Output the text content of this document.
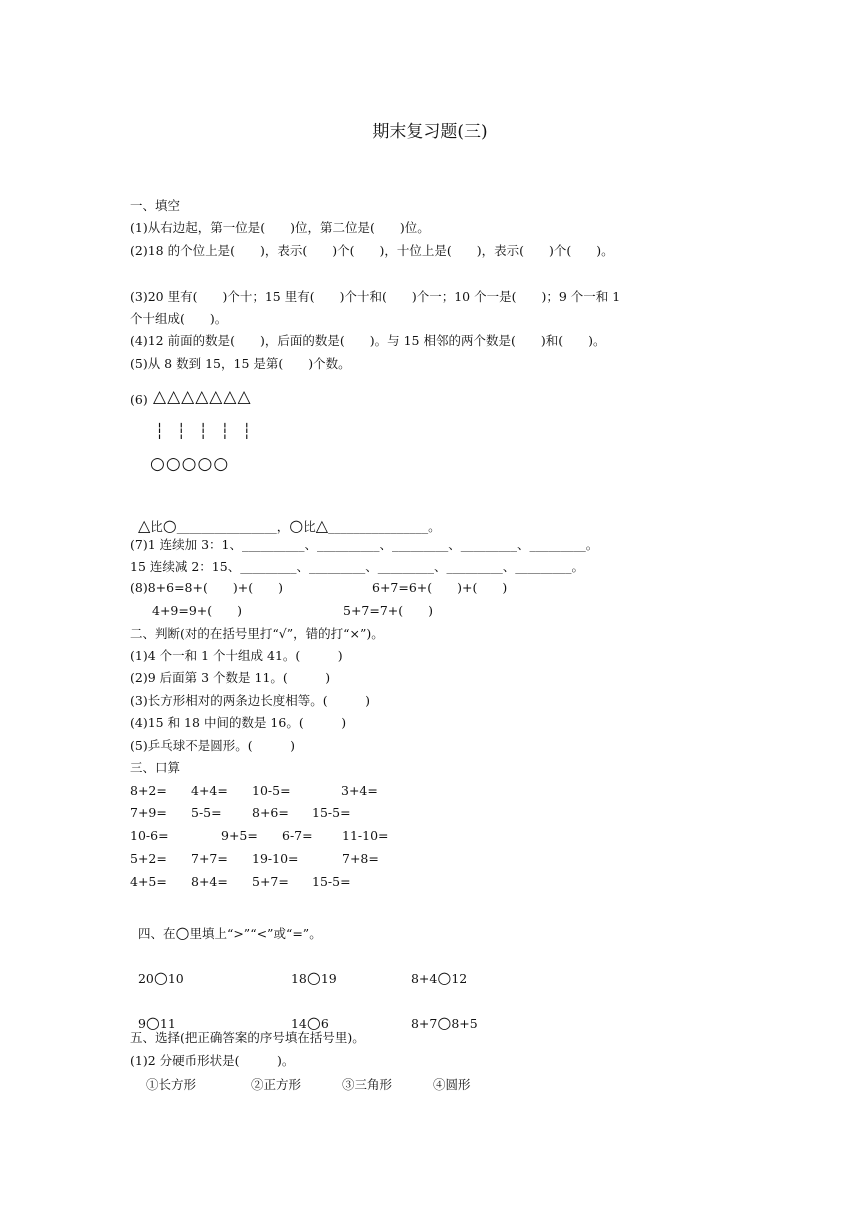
期末复习题(三)
一、填空
(1)从右边起，第一位是(　　)位，第二位是(　　)位。
(2)18 的个位上是(　　)，表示(　　)个(　　)，十位上是(　　)，表示(　　)个(　　)。
(3)20 里有(　　)个十；15 里有(　　)个十和(　　)个一；10 个一是(　　)；9 个一和 1
个十组成(　　)。
(4)12 前面的数是(　　)，后面的数是(　　)。与 15 相邻的两个数是(　　)和(　　)。
(5)从 8 数到 15，15 是第(　　)个数。
(6) △△△△△△△
┆ ┆ ┆ ┆ ┆
○○○○○

△比○________________，○比△________________。

(7)1 连续加 3：1、__________、__________、_________、_________、_________。
15 连续减 2：15、_________、_________、_________、_________、_________。
(8)8+6=8+(　　)+(　　)	6+7=6+(　　)+(　　)
4+9=9+(　　)	5+7=7+(　　)
二、判断(对的在括号里打“√”，错的打“×”)。
(1)4 个一和 1 个十组成 41。(　　　)
(2)9 后面第 3 个数是 11。(　　　)
(3)长方形相对的两条边长度相等。(　　　)
(4)15 和 18 中间的数是 16。(　　　)
(5)乒乓球不是圆形。(　　　)
三、口算
8+2= 4+4= 10-5=	3+4=
7+9= 5-5= 8+6= 15-5=
10-6=	9+5= 6-7= 11-10=
5+2= 7+7= 19-10=	7+8=
4+5= 8+4= 5+7= 15-5=

四、在○里填上“>”“<”或“=”。

20○10	18○19	8+4○12

9○11	14○6	8+7○8+5

五、选择(把正确答案的序号填在括号里)。
(1)2 分硬币形状是(　　　)。
①长方形	②正方形	③三角形	④圆形
